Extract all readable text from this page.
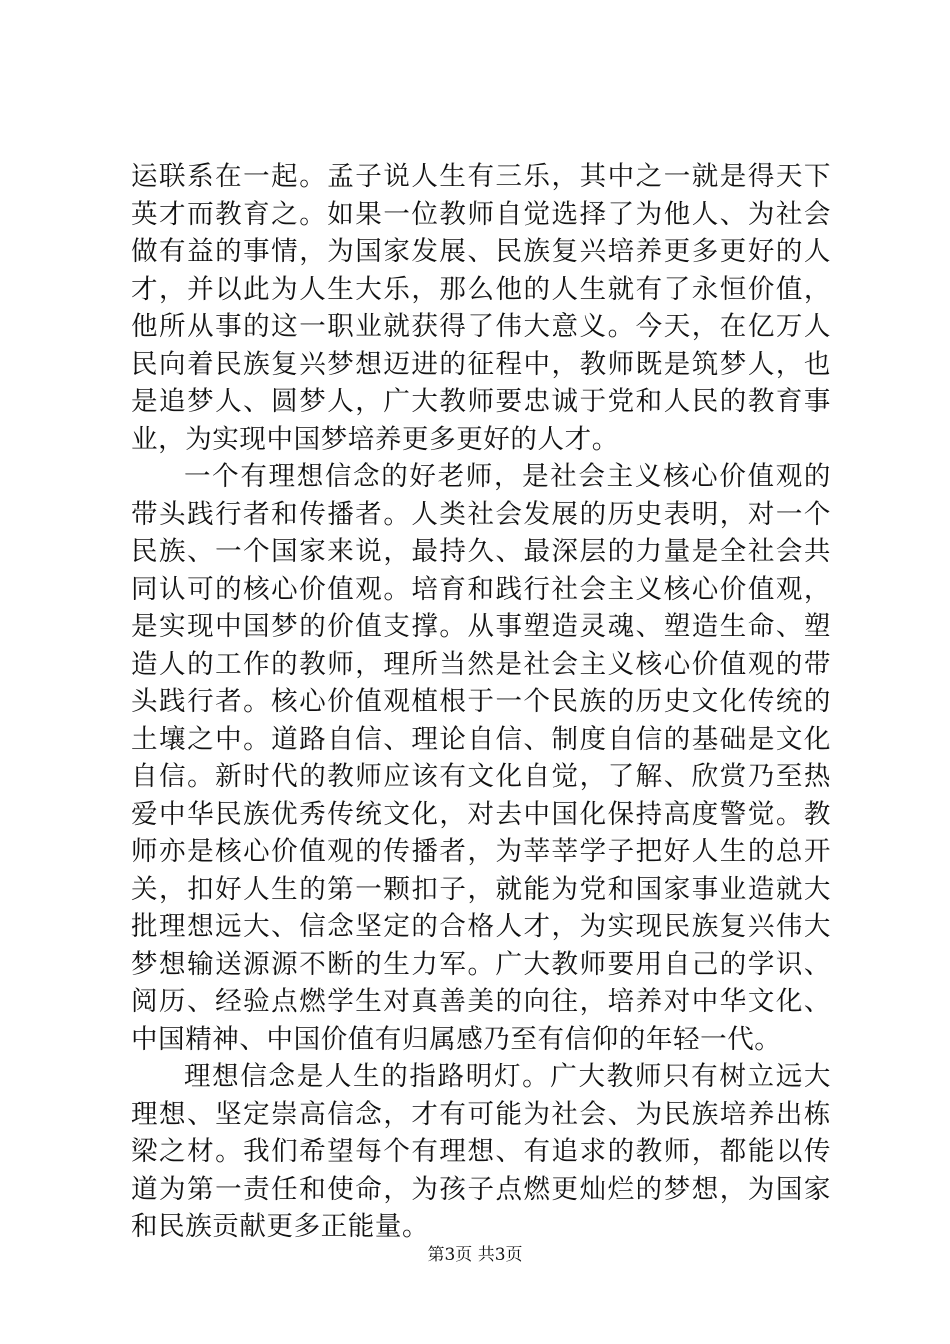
运联系在一起。孟子说人生有三乐，其中之一就是得天下英才而教育之。如果一位教师自觉选择了为他人、为社会做有益的事情，为国家发展、民族复兴培养更多更好的人才，并以此为人生大乐，那么他的人生就有了永恒价值，他所从事的这一职业就获得了伟大意义。今天，在亿万人民向着民族复兴梦想迈进的征程中，教师既是筑梦人，也是追梦人、圆梦人，广大教师要忠诚于党和人民的教育事业，为实现中国梦培养更多更好的人才。

一个有理想信念的好老师，是社会主义核心价值观的带头践行者和传播者。人类社会发展的历史表明，对一个民族、一个国家来说，最持久、最深层的力量是全社会共同认可的核心价值观。培育和践行社会主义核心价值观，是实现中国梦的价值支撑。从事塑造灵魂、塑造生命、塑造人的工作的教师，理所当然是社会主义核心价值观的带头践行者。核心价值观植根于一个民族的历史文化传统的土壤之中。道路自信、理论自信、制度自信的基础是文化自信。新时代的教师应该有文化自觉，了解、欣赏乃至热爱中华民族优秀传统文化，对去中国化保持高度警觉。教师亦是核心价值观的传播者，为莘莘学子把好人生的总开关，扣好人生的第一颗扣子，就能为党和国家事业造就大批理想远大、信念坚定的合格人才，为实现民族复兴伟大梦想输送源源不断的生力军。广大教师要用自己的学识、阅历、经验点燃学生对真善美的向往，培养对中华文化、中国精神、中国价值有归属感乃至有信仰的年轻一代。

理想信念是人生的指路明灯。广大教师只有树立远大理想、坚定崇高信念，才有可能为社会、为民族培养出栋梁之材。我们希望每个有理想、有追求的教师，都能以传道为第一责任和使命，为孩子点燃更灿烂的梦想，为国家和民族贡献更多正能量。

第3页 共3页
